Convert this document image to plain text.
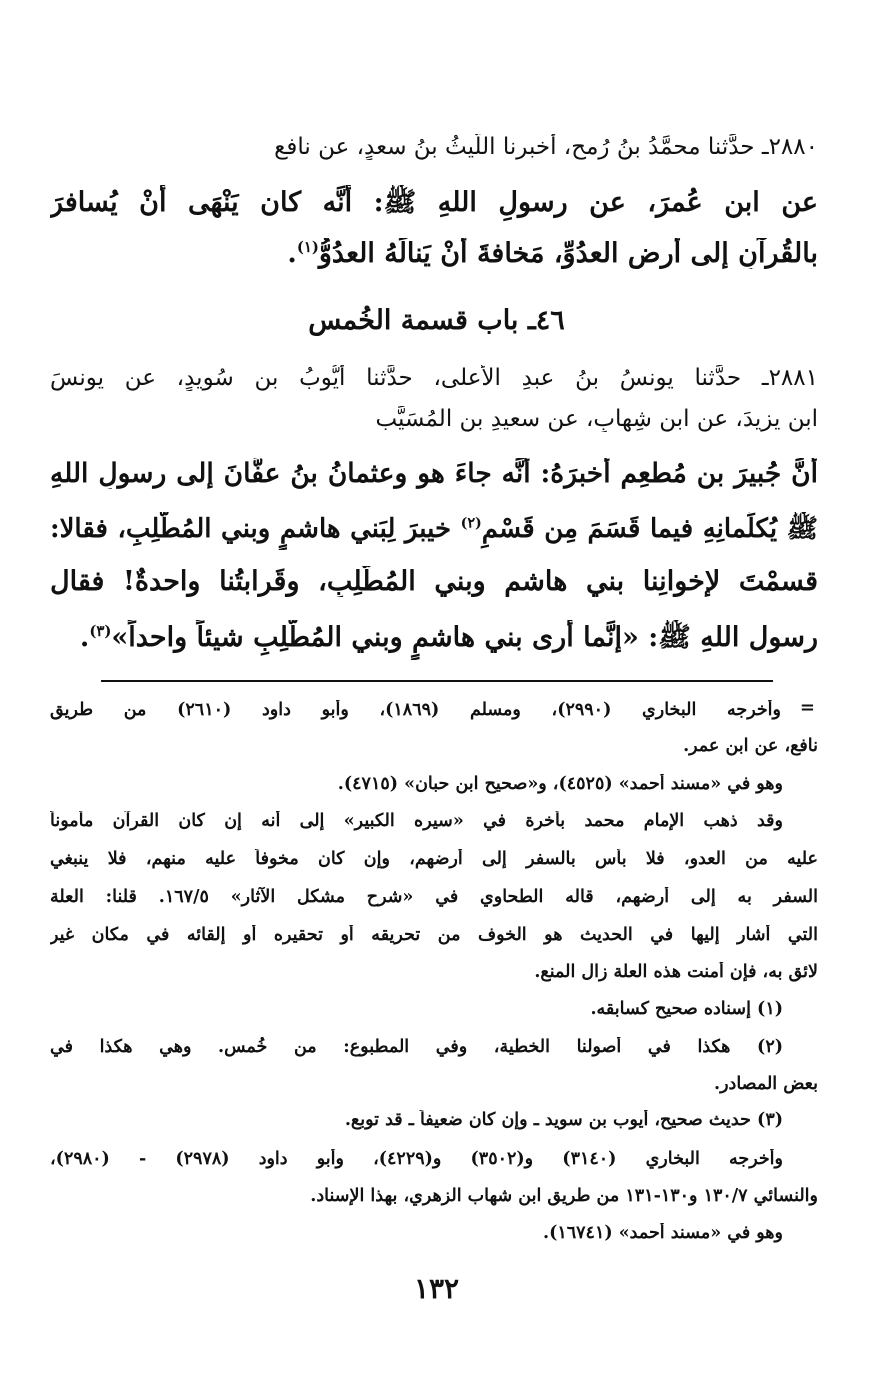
٢٨٨٠ـ حدَّثنا محمَّدُ بنُ رُمحٍ، أخبرنا اللَّيثُ بنُ سعدٍ، عن نافع
عن ابن عُمرَ، عن رسولِ اللهِ ﷺ: أنَّه كان يَنْهَى أنْ يُسافرَ
بالقُرآنِ إلى أرضِ العدُوِّ، مَخافةَ أنْ يَنالَهُ العدُوُّ$^{(١)}$.
٤٦ـ باب قسمة الخُمس
٢٨٨١ـ حدَّثنا يونسُ بنُ عبدِ الأعلى، حدَّثنا أيُّوبُ بن سُويدٍ، عن يونسَ
ابن يزيدَ، عن ابن شِهابٍ، عن سعيدِ بن المُسَيَّب
أنَّ جُبيرَ بن مُطعِمٍ أخبرَهُ: أنَّه جاءَ هو وعثمانُ بنُ عفَّانَ إلى رسولِ اللهِ
ﷺ يُكلِّمانِهِ فيما قَسَمَ مِن قَسْمِ$^{(٢)}$ خيبرَ لِبَني هاشمٍ وبني المُطَّلِبِ، فقالا:
قسمْتَ لإخوانِنا بني هاشمٍ وبني المُطَّلِبِ، وقَرابتُنا واحدةٌ! فقال
رسول اللهِ ﷺ: «إنَّما أرى بني هاشمٍ وبني المُطَّلِبِ شيئاً واحداً»$^{(٣)}$.
=
وأخرجه البخاري (٢٩٩٠)، ومسلم (١٨٦٩)، وأبو داود (٢٦١٠) من طريق
نافع، عن ابن عمر.
وهو في «مسند أحمد» (٤٥٢٥)، و«صحيح ابن حبان» (٤٧١٥).
وقد ذهب الإمام محمد بأخرة في «سيره الكبير» إلى أنه إن كان القرآن مأموناً
عليه من العدو، فلا بأس بالسفر إلى أرضهم، وإن كان مخوفاً عليه منهم، فلا ينبغي
السفر به إلى أرضهم، قاله الطحاوي في «شرح مشكل الآثار» ١٦٧/٥. قلنا: العلة
التي أشار إليها في الحديث هو الخوف من تحريقه أو تحقيره أو إلقائه في مكان غير
لائق به، فإن أمنت هذه العلة زال المنع.
(١) إسناده صحيح كسابقه.
(٢) هكذا في أصولنا الخطية، وفي المطبوع: من خُمس. وهي هكذا في
بعض المصادر.
(٣) حديث صحيح، أيوب بن سويد ـ وإن كان ضعيفاً ـ قد توبع.
وأخرجه البخاري (٣١٤٠) و(٣٥٠٢) و(٤٢٢٩)، وأبو داود (٢٩٧٨) - (٢٩٨٠)،
والنسائي ١٣٠/٧ و١٣٠-١٣١ من طريق ابن شهاب الزهري، بهذا الإسناد.
وهو في «مسند أحمد» (١٦٧٤١).
١٣٢
